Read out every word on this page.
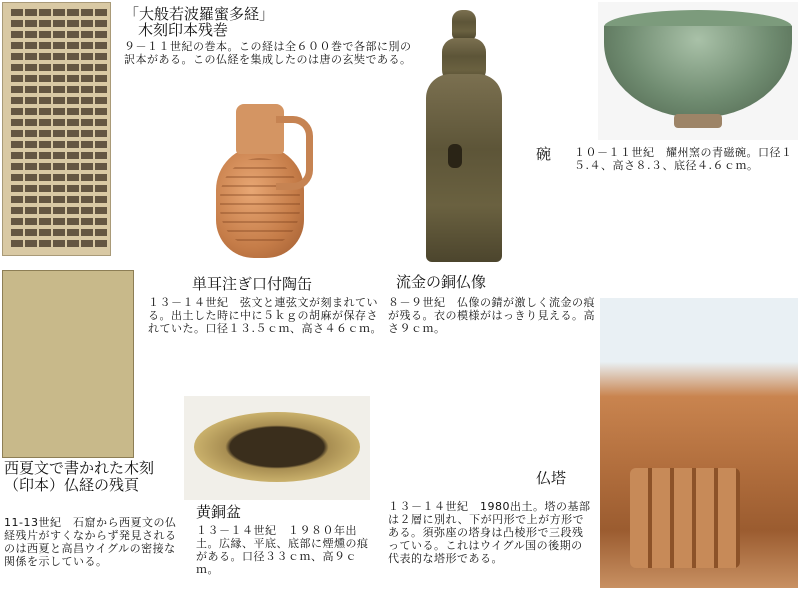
「大般若波羅蜜多経」
木刻印本残巻
９－１１世紀の巻本。この経は全６００巻で各部に別の訳本がある。この仏経を集成したのは唐の玄奘である。
単耳注ぎ口付陶缶
１３－１４世紀　弦文と連弦文が刻まれている。出土した時に中に５ｋｇの胡麻が保存されていた。口径１３.５ｃｍ、高さ４６ｃｍ。
流金の銅仏像
８－９世紀　仏像の錆が激しく流金の痕が残る。衣の模様がはっきり見える。高さ９ｃｍ。
碗	１０－１１世紀　耀州窯の青磁碗。口径１５.４、高さ８.３、底径４.６ｃｍ。
西夏文で書かれた木刻（印本）仏経の残頁
11-13世紀　石窟から西夏文の仏経残片がすくなからず発見されるのは西夏と高昌ウイグルの密接な関係を示している。
黄銅盆
１３－１４世紀　１９８０年出土。広縁、平底、底部に煙燻の痕がある。口径３３ｃｍ、高９ｃｍ。
仏塔
１３－１４世紀　1980出土。塔の基部は２層に別れ、下が円形で上が方形である。須弥座の塔身は凸棱形で三段残っている。これはウイグル国の後期の代表的な塔形である。
